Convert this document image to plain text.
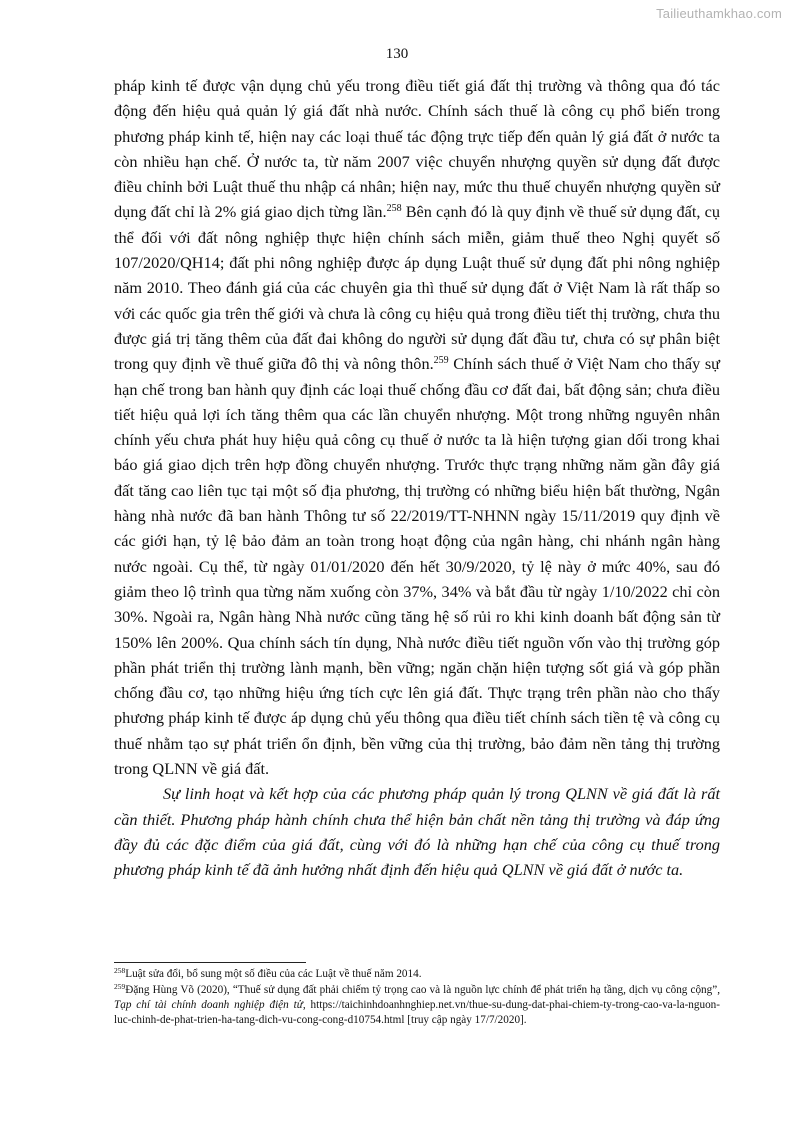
Tailieuthamkhao.com
130

pháp kinh tế được vận dụng chủ yếu trong điều tiết giá đất thị trường và thông qua đó tác động đến hiệu quả quản lý giá đất nhà nước. Chính sách thuế là công cụ phổ biến trong phương pháp kinh tế, hiện nay các loại thuế tác động trực tiếp đến quản lý giá đất ở nước ta còn nhiều hạn chế. Ở nước ta, từ năm 2007 việc chuyển nhượng quyền sử dụng đất được điều chỉnh bởi Luật thuế thu nhập cá nhân; hiện nay, mức thu thuế chuyển nhượng quyền sử dụng đất chỉ là 2% giá giao dịch từng lần.$^{258}$ Bên cạnh đó là quy định về thuế sử dụng đất, cụ thể đối với đất nông nghiệp thực hiện chính sách miễn, giảm thuế theo Nghị quyết số 107/2020/QH14; đất phi nông nghiệp được áp dụng Luật thuế sử dụng đất phi nông nghiệp năm 2010. Theo đánh giá của các chuyên gia thì thuế sử dụng đất ở Việt Nam là rất thấp so với các quốc gia trên thế giới và chưa là công cụ hiệu quả trong điều tiết thị trường, chưa thu được giá trị tăng thêm của đất đai không do người sử dụng đất đầu tư, chưa có sự phân biệt trong quy định về thuế giữa đô thị và nông thôn.$^{259}$ Chính sách thuế ở Việt Nam cho thấy sự hạn chế trong ban hành quy định các loại thuế chống đầu cơ đất đai, bất động sản; chưa điều tiết hiệu quả lợi ích tăng thêm qua các lần chuyển nhượng. Một trong những nguyên nhân chính yếu chưa phát huy hiệu quả công cụ thuế ở nước ta là hiện tượng gian dối trong khai báo giá giao dịch trên hợp đồng chuyển nhượng. Trước thực trạng những năm gần đây giá đất tăng cao liên tục tại một số địa phương, thị trường có những biểu hiện bất thường, Ngân hàng nhà nước đã ban hành Thông tư số 22/2019/TT-NHNN ngày 15/11/2019 quy định về các giới hạn, tỷ lệ bảo đảm an toàn trong hoạt động của ngân hàng, chi nhánh ngân hàng nước ngoài. Cụ thể, từ ngày 01/01/2020 đến hết 30/9/2020, tỷ lệ này ở mức 40%, sau đó giảm theo lộ trình qua từng năm xuống còn 37%, 34% và bắt đầu từ ngày 1/10/2022 chỉ còn 30%. Ngoài ra, Ngân hàng Nhà nước cũng tăng hệ số rủi ro khi kinh doanh bất động sản từ 150% lên 200%. Qua chính sách tín dụng, Nhà nước điều tiết nguồn vốn vào thị trường góp phần phát triển thị trường lành mạnh, bền vững; ngăn chặn hiện tượng sốt giá và góp phần chống đầu cơ, tạo những hiệu ứng tích cực lên giá đất. Thực trạng trên phần nào cho thấy phương pháp kinh tế được áp dụng chủ yếu thông qua điều tiết chính sách tiền tệ và công cụ thuế nhằm tạo sự phát triển ổn định, bền vững của thị trường, bảo đảm nền tảng thị trường trong QLNN về giá đất.

Sự linh hoạt và kết hợp của các phương pháp quản lý trong QLNN về giá đất là rất cần thiết. Phương pháp hành chính chưa thể hiện bản chất nền tảng thị trường và đáp ứng đầy đủ các đặc điểm của giá đất, cùng với đó là những hạn chế của công cụ thuế trong phương pháp kinh tế đã ảnh hưởng nhất định đến hiệu quả QLNN về giá đất ở nước ta.

$^{258}$Luật sửa đổi, bổ sung một số điều của các Luật về thuế năm 2014.

$^{259}$Đặng Hùng Võ (2020), “Thuế sử dụng đất phải chiếm tỷ trọng cao và là nguồn lực chính để phát triển hạ tầng, dịch vụ công cộng”, Tạp chí tài chính doanh nghiệp điện tử, https://taichinhdoanhnghiep.net.vn/thue-su-dung-dat-phai-chiem-ty-trong-cao-va-la-nguon-luc-chinh-de-phat-trien-ha-tang-dich-vu-cong-cong-d10754.html [truy cập ngày 17/7/2020].
